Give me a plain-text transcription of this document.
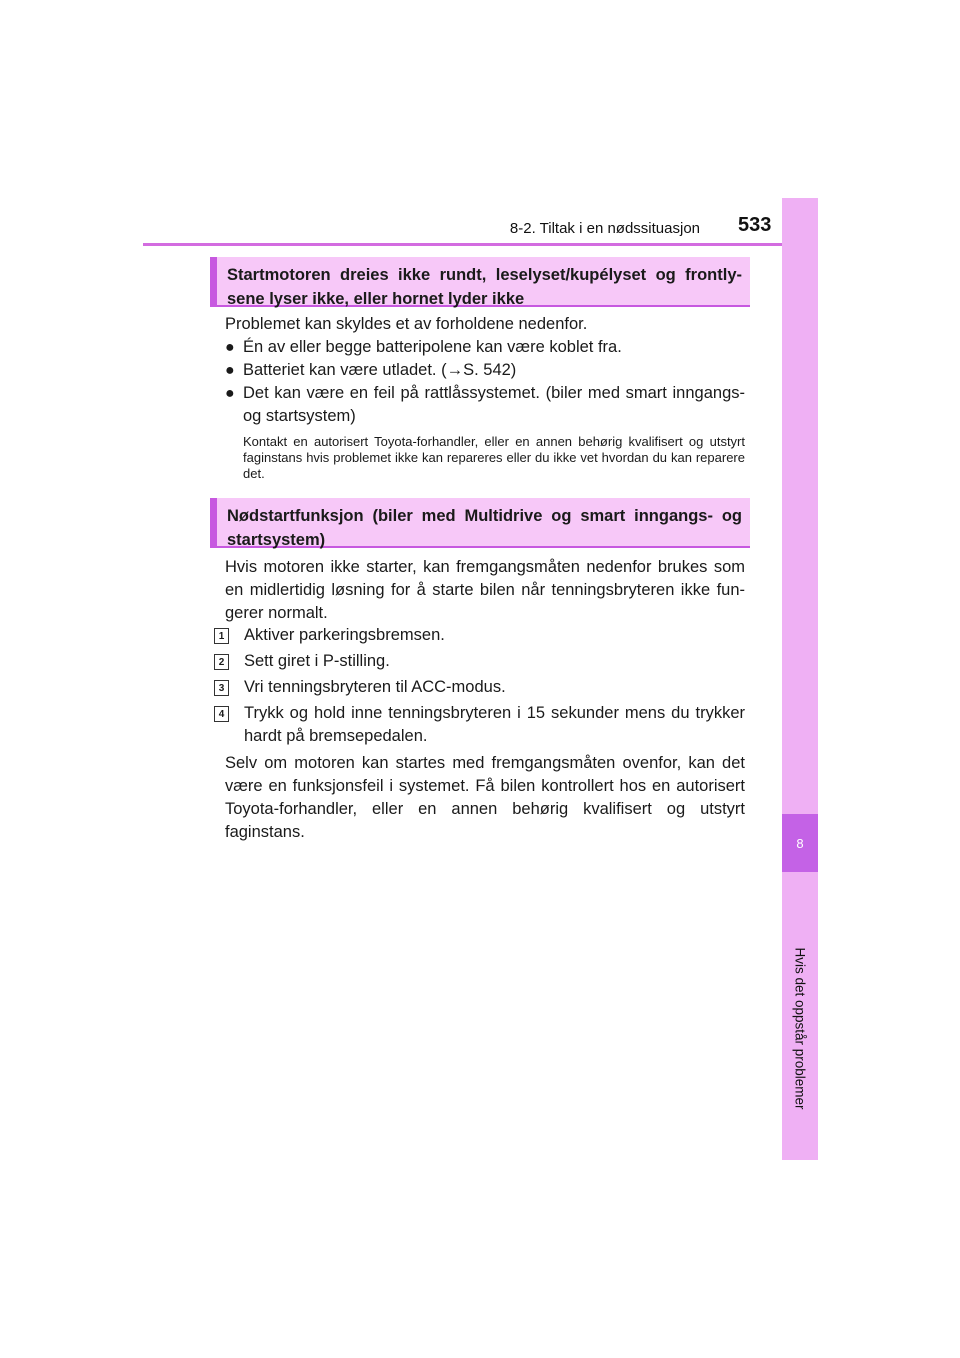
8-2. Tiltak i en nødssituasjon 533
8
Hvis det oppstår problemer
Startmotoren dreies ikke rundt, leselyset/kupélyset og frontly-sene lyser ikke, eller hornet lyder ikke
Problemet kan skyldes et av forholdene nedenfor.
● Én av eller begge batteripolene kan være koblet fra.
● Batteriet kan være utladet. (→S. 542)
● Det kan være en feil på rattlåssystemet. (biler med smart inngangs- og startsystem)
Kontakt en autorisert Toyota-forhandler, eller en annen behørig kvalifisert og utstyrt faginstans hvis problemet ikke kan repareres eller du ikke vet hvordan du kan reparere det.
Nødstartfunksjon (biler med Multidrive og smart inngangs- og startsystem)
Hvis motoren ikke starter, kan fremgangsmåten nedenfor brukes som en midlertidig løsning for å starte bilen når tenningsbryteren ikke fun-gerer normalt.
1 Aktiver parkeringsbremsen.
2 Sett giret i P-stilling.
3 Vri tenningsbryteren til ACC-modus.
4 Trykk og hold inne tenningsbryteren i 15 sekunder mens du trykker hardt på bremsepedalen.
Selv om motoren kan startes med fremgangsmåten ovenfor, kan det være en funksjonsfeil i systemet. Få bilen kontrollert hos en autorisert Toyota-forhandler, eller en annen behørig kvalifisert og utstyrt faginstans.
